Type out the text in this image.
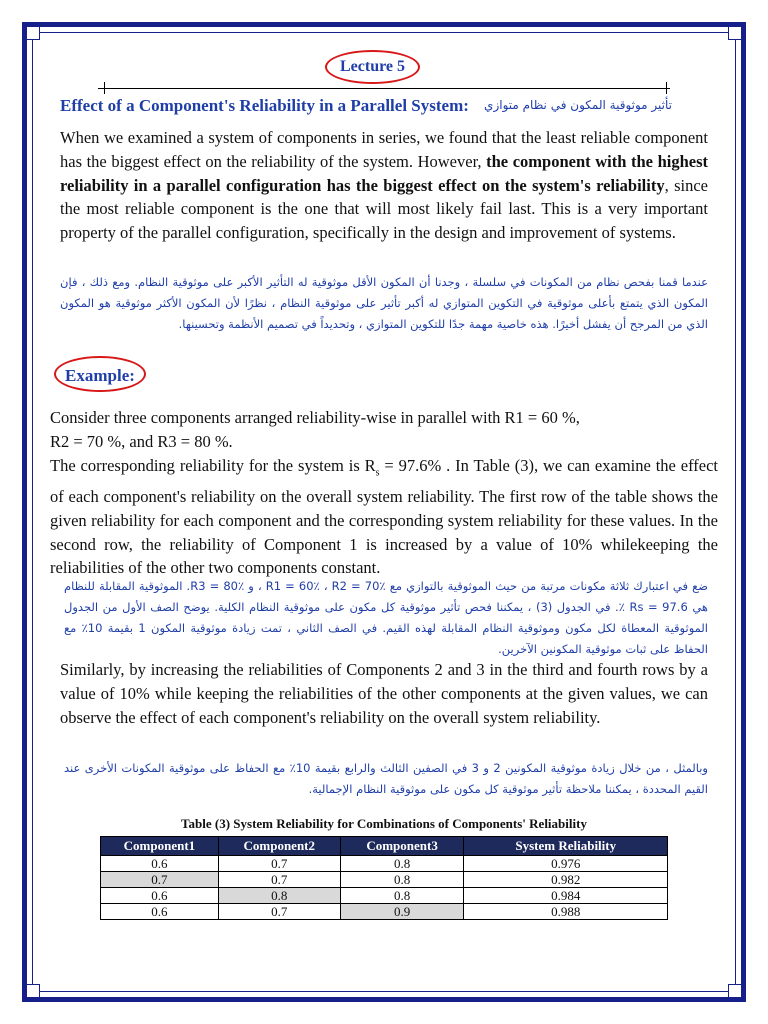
Lecture 5
Effect of a Component's Reliability in a Parallel System: تأثير موثوقية المكون في نظام متوازي
When we examined a system of components in series, we found that the least reliable component has the biggest effect on the reliability of the system. However, the component with the highest reliability in a parallel configuration has the biggest effect on the system's reliability, since the most reliable component is the one that will most likely fail last. This is a very important property of the parallel configuration, specifically in the design and improvement of systems.
عندما قمنا بفحص نظام من المكونات في سلسلة ، وجدنا أن المكون الأقل موثوقية له التأثير الأكبر على موثوقية النظام. ومع ذلك ، فإن المكون الذي يتمتع بأعلى موثوقية في التكوين المتوازي له أكبر تأثير على موثوقية النظام ، نظرًا لأن المكون الأكثر موثوقية هو المكون الذي من المرجح أن يفشل أخيرًا. هذه خاصية مهمة جدًا للتكوين المتوازي ، وتحديداً في تصميم الأنظمة وتحسينها.
Example:
Consider three components arranged reliability-wise in parallel with R1 = 60 %,
R2 = 70 %, and R3 = 80 %.
The corresponding reliability for the system is $R_s = 97.6\%$ . In Table (3), we can examine the effect of each component's reliability on the overall system reliability. The first row of the table shows the given reliability for each component and the corresponding system reliability for these values. In the second row, the reliability of Component 1 is increased by a value of 10% whilekeeping the reliabilities of the other two components constant.
ضع في اعتبارك ثلاثة مكونات مرتبة من حيث الموثوقية بالتوازي مع R1 = 60٪ ، R2 = 70٪ ، و R3 = 80٪. الموثوقية المقابلة للنظام هي Rs = 97.6 ٪. في الجدول (3) ، يمكننا فحص تأثير موثوقية كل مكون على موثوقية النظام الكلية. يوضح الصف الأول من الجدول الموثوقية المعطاة لكل مكون وموثوقية النظام المقابلة لهذه القيم. في الصف الثاني ، تمت زيادة موثوقية المكون 1 بقيمة 10٪ مع الحفاظ على ثبات موثوقية المكونين الآخرين.
Similarly, by increasing the reliabilities of Components 2 and 3 in the third and fourth rows by a value of 10% while keeping the reliabilities of the other components at the given values, we can observe the effect of each component's reliability on the overall system reliability.
وبالمثل ، من خلال زيادة موثوقية المكونين 2 و 3 في الصفين الثالث والرابع بقيمة 10٪ مع الحفاظ على موثوقية المكونات الأخرى عند القيم المحددة ، يمكننا ملاحظة تأثير موثوقية كل مكون على موثوقية النظام الإجمالية.
Table (3) System Reliability for Combinations of Components' Reliability
Component1	Component2	Component3	System Reliability
0.6	0.7	0.8	0.976
0.7	0.7	0.8	0.982
0.6	0.8	0.8	0.984
0.6	0.7	0.9	0.988
